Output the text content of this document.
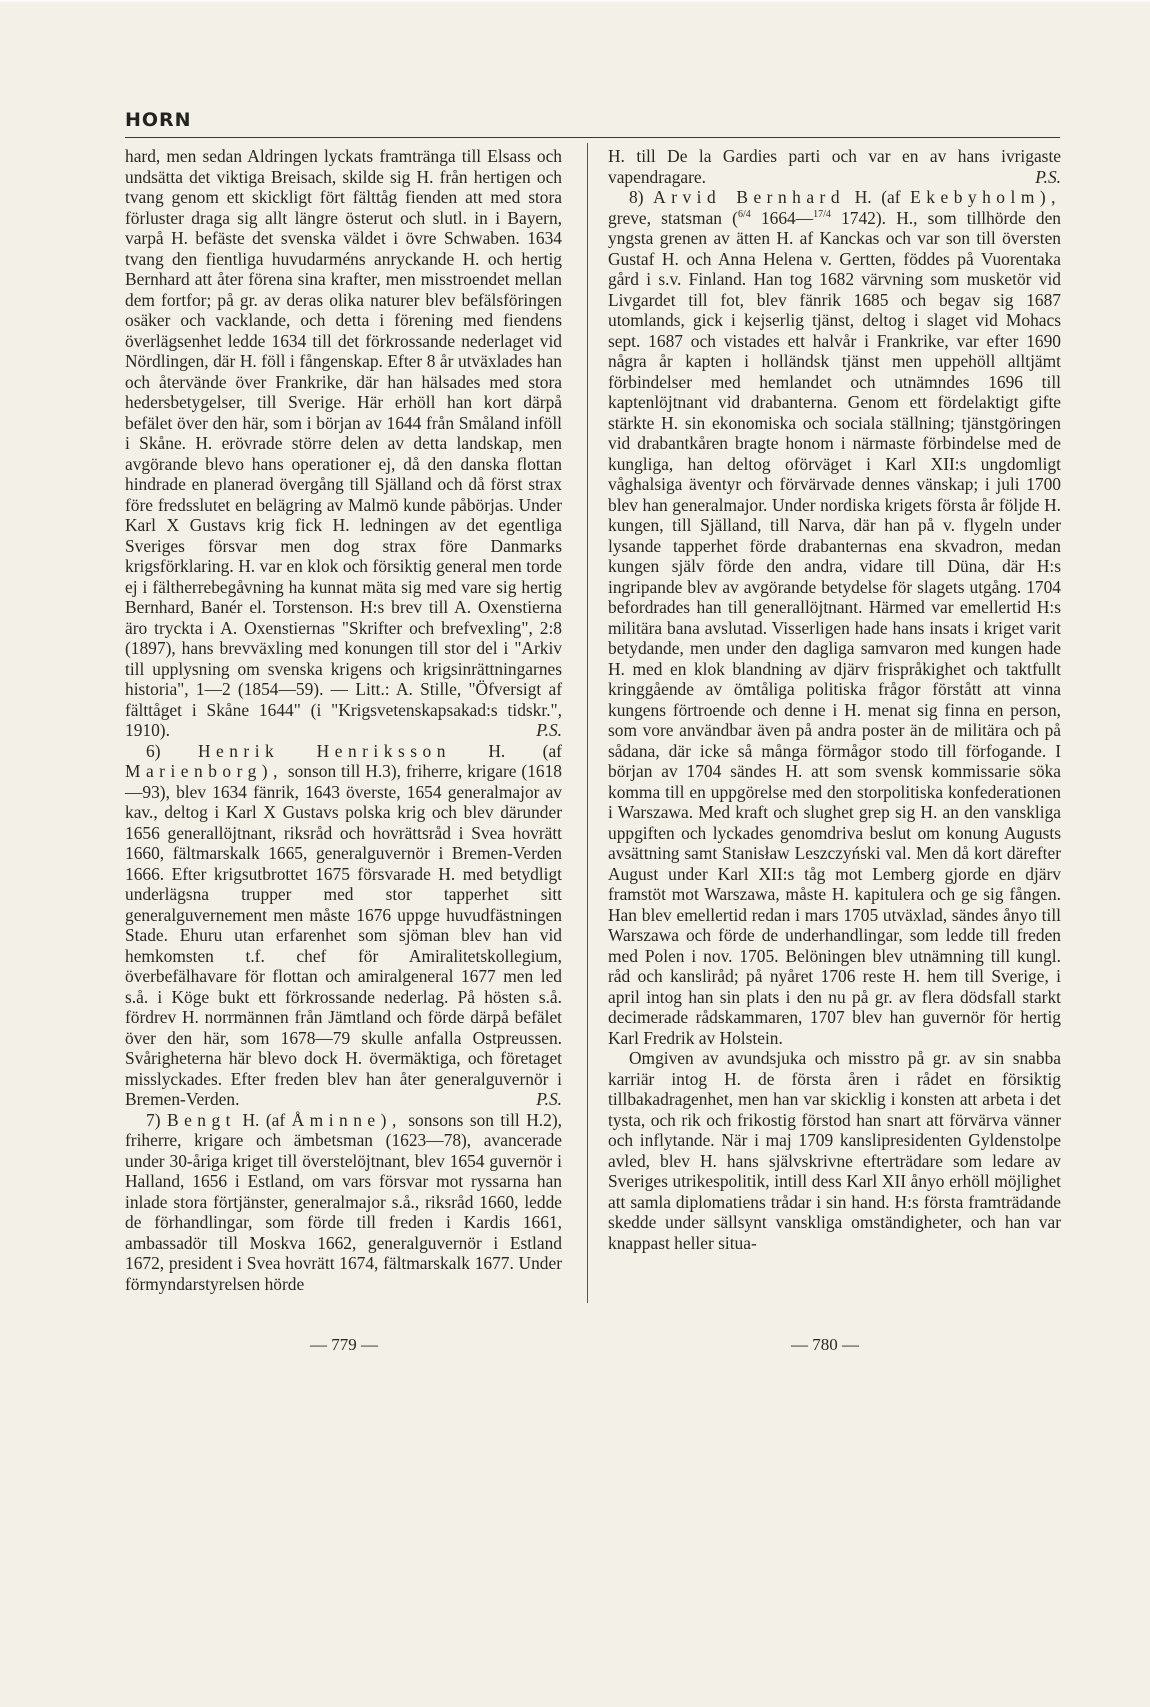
HORN

hard, men sedan Aldringen lyckats framtränga till Elsass och undsätta det viktiga Breisach, skilde sig H. från hertigen och tvang genom ett skickligt fört fälttåg fienden att med stora förluster draga sig allt längre österut och slutl. in i Bayern, varpå H. befäste det svenska väldet i övre Schwaben. 1634 tvang den fientliga huvudarméns anryckande H. och hertig Bernhard att åter förena sina krafter, men misstroendet mellan dem fortfor; på gr. av deras olika naturer blev befälsföringen osäker och vacklande, och detta i förening med fiendens överlägsenhet ledde 1634 till det förkrossande nederlaget vid Nördlingen, där H. föll i fångenskap. Efter 8 år utväxlades han och återvände över Frankrike, där han hälsades med stora hedersbetygelser, till Sverige. Här erhöll han kort därpå befälet över den här, som i början av 1644 från Småland inföll i Skåne. H. erövrade större delen av detta landskap, men avgörande blevo hans operationer ej, då den danska flottan hindrade en planerad övergång till Själland och då först strax före fredsslutet en belägring av Malmö kunde påbörjas. Under Karl X Gustavs krig fick H. ledningen av det egentliga Sveriges försvar men dog strax före Danmarks krigsförklaring. H. var en klok och försiktig general men torde ej i fältherrebegåvning ha kunnat mäta sig med vare sig hertig Bernhard, Banér el. Torstenson. H:s brev till A. Oxenstierna äro tryckta i A. Oxenstiernas "Skrifter och brefvexling", 2:8 (1897), hans brevväxling med konungen till stor del i "Arkiv till upplysning om svenska krigens och krigsinrättningarnes historia", 1—2 (1854—59). — Litt.: A. Stille, "Öfversigt af fälttåget i Skåne 1644" (i "Krigsvetenskapsakad:s tidskr.", 1910).	P.S.

6) Henrik Henriksson H. (af Marienborg), sonson till H.3), friherre, krigare (1618—93), blev 1634 fänrik, 1643 överste, 1654 generalmajor av kav., deltog i Karl X Gustavs polska krig och blev därunder 1656 generallöjtnant, riksråd och hovrättsråd i Svea hovrätt 1660, fältmarskalk 1665, generalguvernör i Bremen-Verden 1666. Efter krigsutbrottet 1675 försvarade H. med betydligt underlägsna trupper med stor tapperhet sitt generalguvernement men måste 1676 uppge huvudfästningen Stade. Ehuru utan erfarenhet som sjöman blev han vid hemkomsten t.f. chef för Amiralitetskollegium, överbefälhavare för flottan och amiralgeneral 1677 men led s.å. i Köge bukt ett förkrossande nederlag. På hösten s.å. fördrev H. norrmännen från Jämtland och förde därpå befälet över den här, som 1678—79 skulle anfalla Ostpreussen. Svårigheterna här blevo dock H. övermäktiga, och företaget misslyckades. Efter freden blev han åter generalguvernör i Bremen-Verden.	P.S.

7) Bengt H. (af Åminne), sonsons son till H.2), friherre, krigare och ämbetsman (1623—78), avancerade under 30-åriga kriget till överstelöjtnant, blev 1654 guvernör i Halland, 1656 i Estland, om vars försvar mot ryssarna han inlade stora förtjänster, generalmajor s.å., riksråd 1660, ledde de förhandlingar, som förde till freden i Kardis 1661, ambassadör till Moskva 1662, generalguvernör i Estland 1672, president i Svea hovrätt 1674, fältmarskalk 1677. Under förmyndarstyrelsen hörde

H. till De la Gardies parti och var en av hans ivrigaste vapendragare.	P.S.

8) Arvid Bernhard H. (af Ekebyholm), greve, statsman ($^{6/4}$ 1664—$^{17/4}$ 1742). H., som tillhörde den yngsta grenen av ätten H. af Kanckas och var son till översten Gustaf H. och Anna Helena v. Gertten, föddes på Vuorentaka gård i s.v. Finland. Han tog 1682 värvning som musketör vid Livgardet till fot, blev fänrik 1685 och begav sig 1687 utomlands, gick i kejserlig tjänst, deltog i slaget vid Mohacs sept. 1687 och vistades ett halvår i Frankrike, var efter 1690 några år kapten i holländsk tjänst men uppehöll alltjämt förbindelser med hemlandet och utnämndes 1696 till kaptenlöjtnant vid drabanterna. Genom ett fördelaktigt gifte stärkte H. sin ekonomiska och sociala ställning; tjänstgöringen vid drabantkåren bragte honom i närmaste förbindelse med de kungliga, han deltog oförväget i Karl XII:s ungdomligt våghalsiga äventyr och förvärvade dennes vänskap; i juli 1700 blev han generalmajor. Under nordiska krigets första år följde H. kungen, till Själland, till Narva, där han på v. flygeln under lysande tapperhet förde drabanternas ena skvadron, medan kungen själv förde den andra, vidare till Düna, där H:s ingripande blev av avgörande betydelse för slagets utgång. 1704 befordrades han till generallöjtnant. Härmed var emellertid H:s militära bana avslutad. Visserligen hade hans insats i kriget varit betydande, men under den dagliga samvaron med kungen hade H. med en klok blandning av djärv frispråkighet och taktfullt kringgående av ömtåliga politiska frågor förstått att vinna kungens förtroende och denne i H. menat sig finna en person, som vore användbar även på andra poster än de militära och på sådana, där icke så många förmågor stodo till förfogande. I början av 1704 sändes H. att som svensk kommissarie söka komma till en uppgörelse med den storpolitiska konfederationen i Warszawa. Med kraft och slughet grep sig H. an den vanskliga uppgiften och lyckades genomdriva beslut om konung Augusts avsättning samt Stanisław Leszczyński val. Men då kort därefter August under Karl XII:s tåg mot Lemberg gjorde en djärv framstöt mot Warszawa, måste H. kapitulera och ge sig fången. Han blev emellertid redan i mars 1705 utväxlad, sändes ånyo till Warszawa och förde de underhandlingar, som ledde till freden med Polen i nov. 1705. Belöningen blev utnämning till kungl. råd och kansliråd; på nyåret 1706 reste H. hem till Sverige, i april intog han sin plats i den nu på gr. av flera dödsfall starkt decimerade rådskammaren, 1707 blev han guvernör för hertig Karl Fredrik av Holstein.

Omgiven av avundsjuka och misstro på gr. av sin snabba karriär intog H. de första åren i rådet en försiktig tillbakadragenhet, men han var skicklig i konsten att arbeta i det tysta, och rik och frikostig förstod han snart att förvärva vänner och inflytande. När i maj 1709 kanslipresidenten Gyldenstolpe avled, blev H. hans självskrivne efterträdare som ledare av Sveriges utrikespolitik, intill dess Karl XII ånyo erhöll möjlighet att samla diplomatiens trådar i sin hand. H:s första framträdande skedde under sällsynt vanskliga omständigheter, och han var knappast heller situa-

— 779 —	— 780 —
